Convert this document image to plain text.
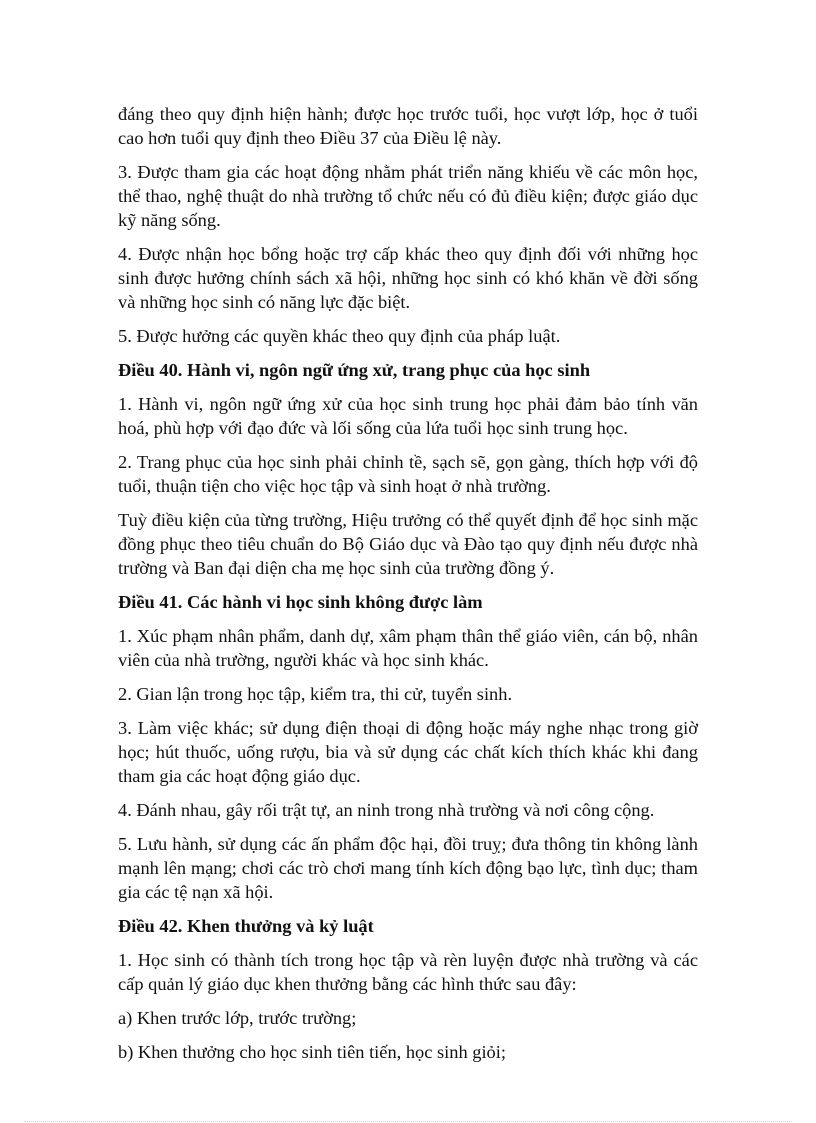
đáng theo quy định hiện hành; được học trước tuổi, học vượt lớp, học ở tuổi cao hơn tuổi quy định theo Điều 37 của Điều lệ này.

3. Được tham gia các hoạt động nhằm phát triển năng khiếu về các môn học, thể thao, nghệ thuật do nhà trường tổ chức nếu có đủ điều kiện; được giáo dục kỹ năng sống.

4. Được nhận học bổng hoặc trợ cấp khác theo quy định đối với những học sinh được hưởng chính sách xã hội, những học sinh có khó khăn về đời sống và những học sinh có năng lực đặc biệt.

5. Được hưởng các quyền khác theo quy định của pháp luật.

Điều 40. Hành vi, ngôn ngữ ứng xử, trang phục của học sinh

1. Hành vi, ngôn ngữ ứng xử của học sinh trung học phải đảm bảo tính văn hoá, phù hợp với đạo đức và lối sống của lứa tuổi học sinh trung học.

2. Trang phục của học sinh phải chỉnh tề, sạch sẽ, gọn gàng, thích hợp với độ tuổi, thuận tiện cho việc học tập và sinh hoạt ở nhà trường.

Tuỳ điều kiện của từng trường, Hiệu trưởng có thể quyết định để học sinh mặc đồng phục theo tiêu chuẩn do Bộ Giáo dục và Đào tạo quy định nếu được nhà trường và Ban đại diện cha mẹ học sinh của trường đồng ý.

Điều 41. Các hành vi học sinh không được làm

1. Xúc phạm nhân phẩm, danh dự, xâm phạm thân thể giáo viên, cán bộ, nhân viên của nhà trường, người khác và học sinh khác.

2. Gian lận trong học tập, kiểm tra, thi cử, tuyển sinh.

3. Làm việc khác; sử dụng điện thoại di động hoặc máy nghe nhạc trong giờ học; hút thuốc, uống rượu, bia và sử dụng các chất kích thích khác khi đang tham gia các hoạt động giáo dục.

4. Đánh nhau, gây rối trật tự, an ninh trong nhà trường và nơi công cộng.

5. Lưu hành, sử dụng các ấn phẩm độc hại, đồi truỵ; đưa thông tin không lành mạnh lên mạng; chơi các trò chơi mang tính kích động bạo lực, tình dục; tham gia các tệ nạn xã hội.

Điều 42. Khen thưởng và kỷ luật

1. Học sinh có thành tích trong học tập và rèn luyện được nhà trường và các cấp quản lý giáo dục khen thưởng bằng các hình thức sau đây:

a) Khen trước lớp, trước trường;

b) Khen thưởng cho học sinh tiên tiến, học sinh giỏi;
